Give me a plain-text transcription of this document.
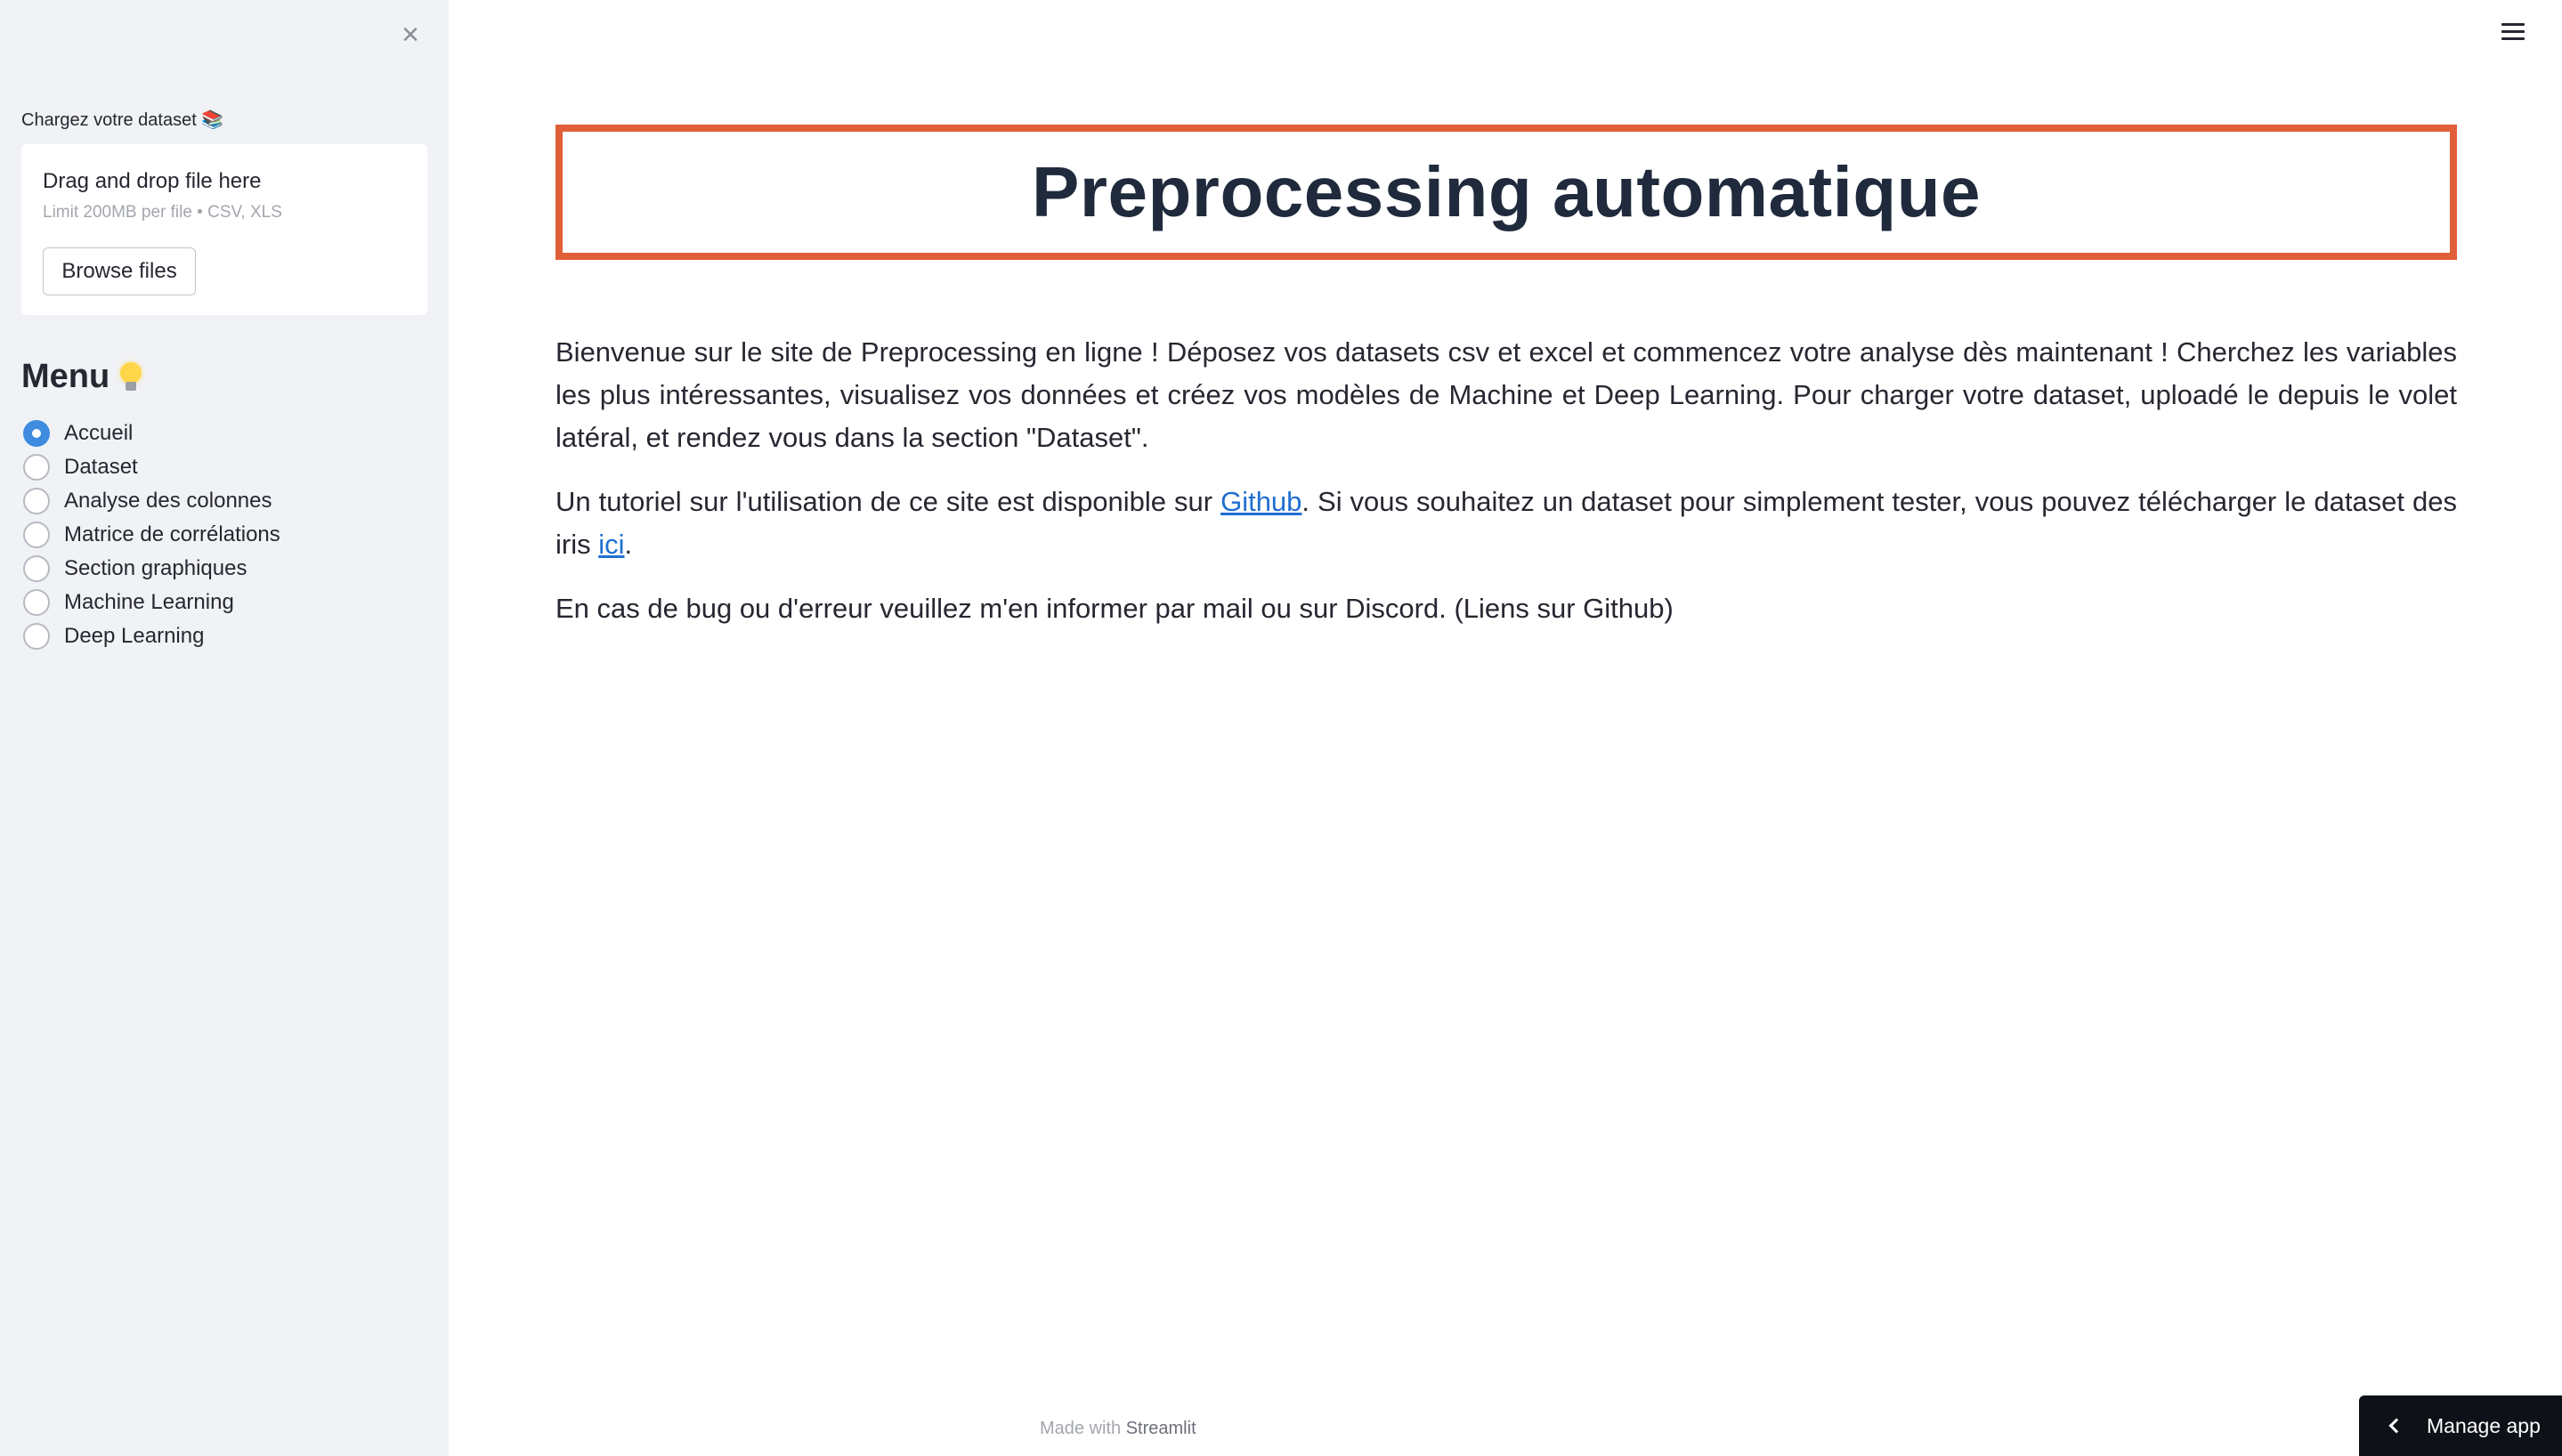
×
Chargez votre dataset 📚
Drag and drop file here
Limit 200MB per file • CSV, XLS
Browse files
Menu
Accueil
Dataset
Analyse des colonnes
Matrice de corrélations
Section graphiques
Machine Learning
Deep Learning
Preprocessing automatique

Bienvenue sur le site de Preprocessing en ligne ! Déposez vos datasets csv et excel et commencez votre analyse dès maintenant ! Cherchez les variables les plus intéressantes, visualisez vos données et créez vos modèles de Machine et Deep Learning. Pour charger votre dataset, uploadé le depuis le volet latéral, et rendez vous dans la section "Dataset".

Un tutoriel sur l'utilisation de ce site est disponible sur Github. Si vous souhaitez un dataset pour simplement tester, vous pouvez télécharger le dataset des iris ici.

En cas de bug ou d'erreur veuillez m'en informer par mail ou sur Discord. (Liens sur Github)

Made with Streamlit	Manage app
